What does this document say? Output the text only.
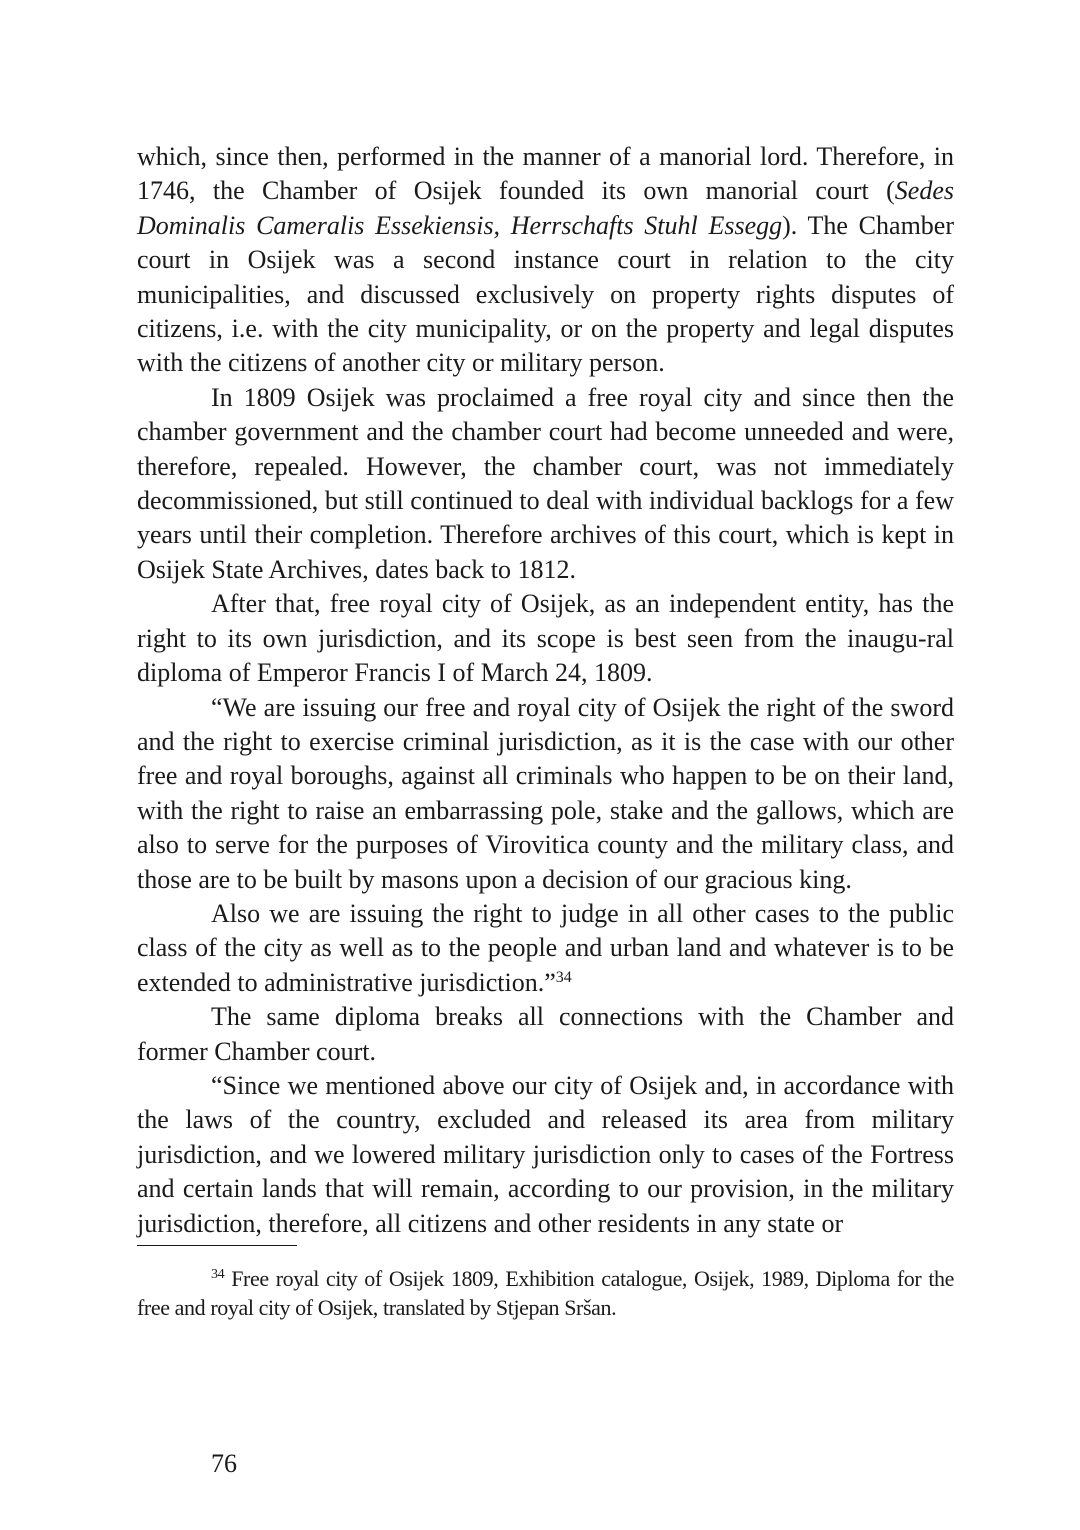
which, since then, performed in the manner of a manorial lord. Therefore, in 1746, the Chamber of Osijek founded its own manorial court (Sedes Dominalis Cameralis Essekiensis, Herrschafts Stuhl Essegg). The Chamber court in Osijek was a second instance court in relation to the city municipalities, and discussed exclusively on property rights disputes of citizens, i.e. with the city municipality, or on the property and legal disputes with the citizens of another city or military person.

In 1809 Osijek was proclaimed a free royal city and since then the chamber government and the chamber court had become unneeded and were, therefore, repealed. However, the chamber court, was not immediately decommissioned, but still continued to deal with individual backlogs for a few years until their completion. Therefore archives of this court, which is kept in Osijek State Archives, dates back to 1812.

After that, free royal city of Osijek, as an independent entity, has the right to its own jurisdiction, and its scope is best seen from the inaugu-ral diploma of Emperor Francis I of March 24, 1809.

“We are issuing our free and royal city of Osijek the right of the sword and the right to exercise criminal jurisdiction, as it is the case with our other free and royal boroughs, against all criminals who happen to be on their land, with the right to raise an embarrassing pole, stake and the gallows, which are also to serve for the purposes of Virovitica county and the military class, and those are to be built by masons upon a decision of our gracious king.

Also we are issuing the right to judge in all other cases to the public class of the city as well as to the people and urban land and whatever is to be extended to administrative jurisdiction.”$^{34}$

The same diploma breaks all connections with the Chamber and former Chamber court.

“Since we mentioned above our city of Osijek and, in accordance with the laws of the country, excluded and released its area from military jurisdiction, and we lowered military jurisdiction only to cases of the Fortress and certain lands that will remain, according to our provision, in the military jurisdiction, therefore, all citizens and other residents in any state or

$^{34}$ Free royal city of Osijek 1809, Exhibition catalogue, Osijek, 1989, Diploma for the free and royal city of Osijek, translated by Stjepan Sršan.

76
